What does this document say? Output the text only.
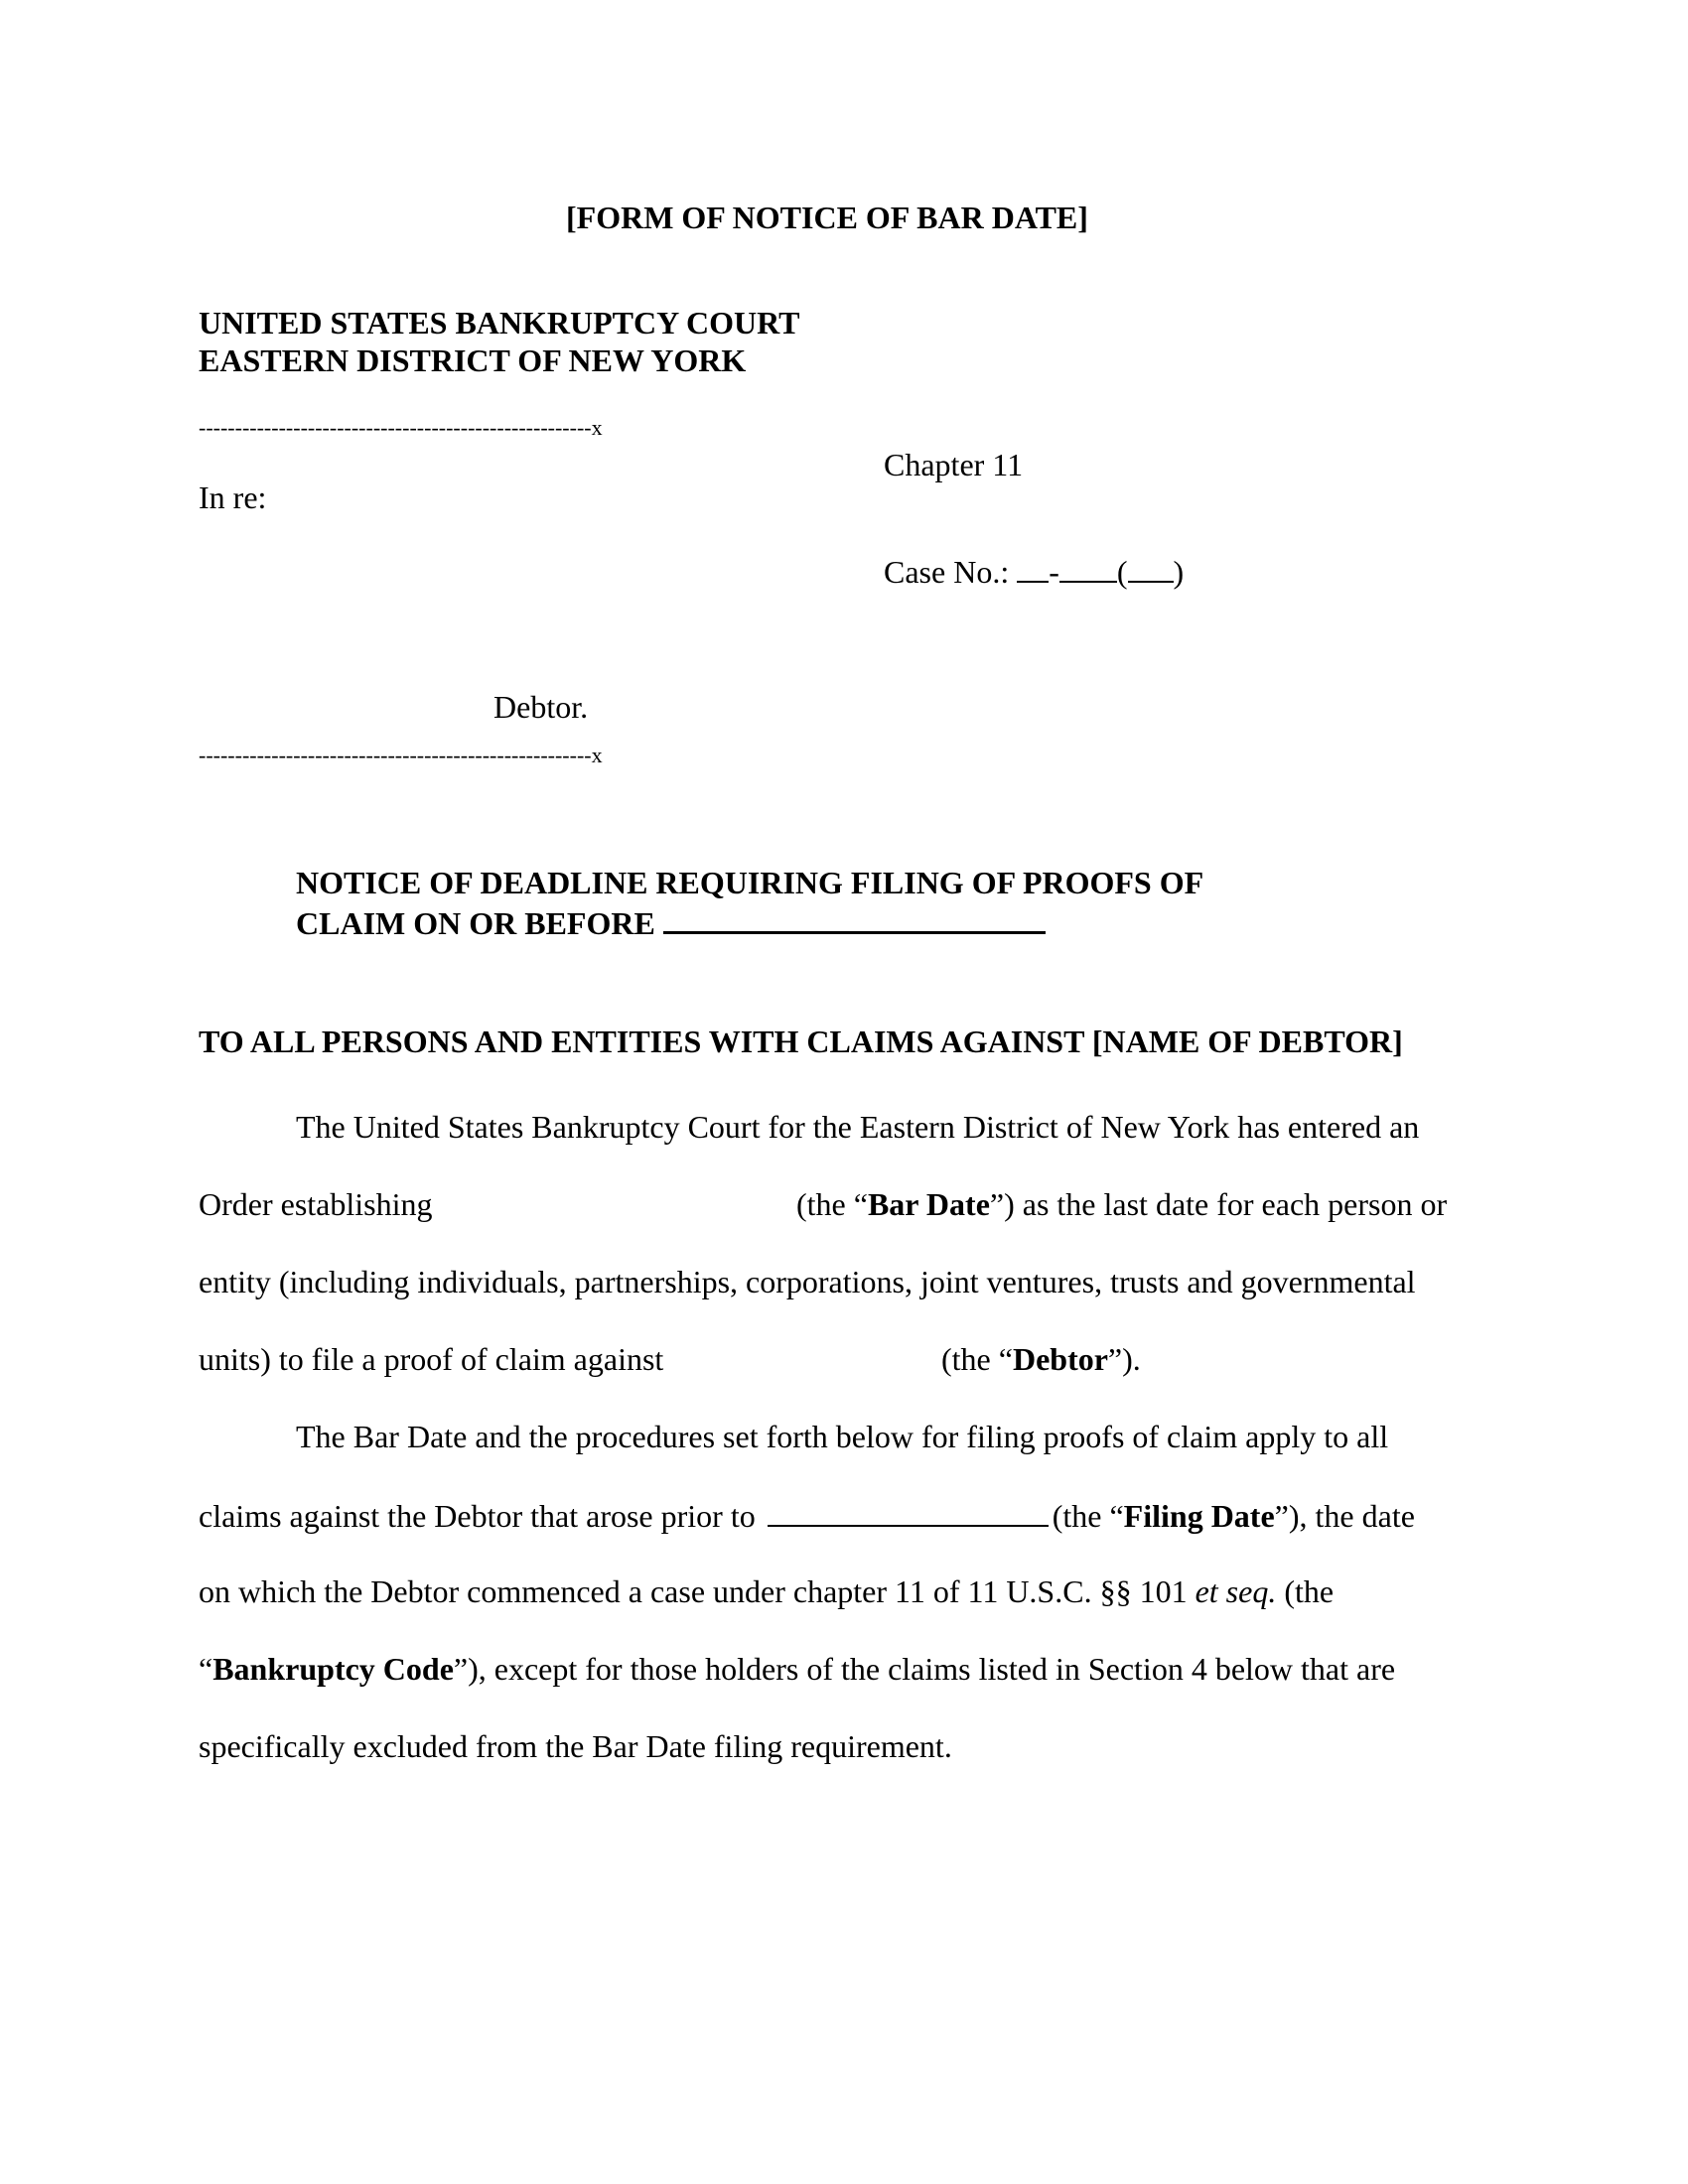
[FORM OF NOTICE OF BAR DATE]
UNITED STATES BANKRUPTCY COURT
EASTERN DISTRICT OF NEW YORK
------------------------------------------------------x
Chapter 11
In re:
Case No.: - ( )
Debtor.
------------------------------------------------------x
NOTICE OF DEADLINE REQUIRING FILING OF PROOFS OF
CLAIM ON OR BEFORE
TO ALL PERSONS AND ENTITIES WITH CLAIMS AGAINST [NAME OF DEBTOR]
The United States Bankruptcy Court for the Eastern District of New York has entered an
Order establishing	(the “Bar Date”) as the last date for each person or
entity (including individuals, partnerships, corporations, joint ventures, trusts and governmental
units) to file a proof of claim against	(the “Debtor”).
The Bar Date and the procedures set forth below for filing proofs of claim apply to all
claims against the Debtor that arose prior to	(the “Filing Date”), the date
on which the Debtor commenced a case under chapter 11 of 11 U.S.C. §§ 101 et seq. (the
“Bankruptcy Code”), except for those holders of the claims listed in Section 4 below that are
specifically excluded from the Bar Date filing requirement.
